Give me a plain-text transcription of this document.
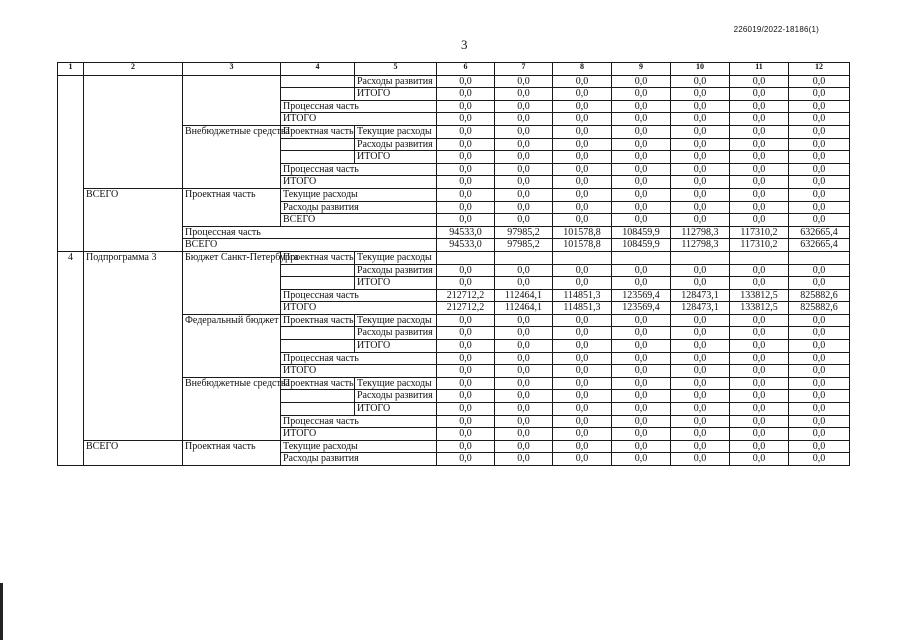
226019/2022-18186(1)
3
1	2	3	4	5	6	7	8	9	10	11	12
				Расходы развития	0,0	0,0	0,0	0,0	0,0	0,0	0,0
				ИТОГО	0,0	0,0	0,0	0,0	0,0	0,0	0,0
			Процессная часть		0,0	0,0	0,0	0,0	0,0	0,0	0,0
			ИТОГО		0,0	0,0	0,0	0,0	0,0	0,0	0,0
		Внебюджетные средства	Проектная часть	Текущие расходы	0,0	0,0	0,0	0,0	0,0	0,0	0,0
				Расходы развития	0,0	0,0	0,0	0,0	0,0	0,0	0,0
				ИТОГО	0,0	0,0	0,0	0,0	0,0	0,0	0,0
			Процессная часть		0,0	0,0	0,0	0,0	0,0	0,0	0,0
			ИТОГО		0,0	0,0	0,0	0,0	0,0	0,0	0,0
	ВСЕГО	Проектная часть	Текущие расходы		0,0	0,0	0,0	0,0	0,0	0,0	0,0
			Расходы развития		0,0	0,0	0,0	0,0	0,0	0,0	0,0
			ВСЕГО		0,0	0,0	0,0	0,0	0,0	0,0	0,0
		Процессная часть			94533,0	97985,2	101578,8	108459,9	112798,3	117310,2	632665,4
		ВСЕГО			94533,0	97985,2	101578,8	108459,9	112798,3	117310,2	632665,4
4	Подпрограмма 3	Бюджет Санкт-Петербурга	Проектная часть	Текущие расходы							
				Расходы развития	0,0	0,0	0,0	0,0	0,0	0,0	0,0
				ИТОГО	0,0	0,0	0,0	0,0	0,0	0,0	0,0
			Процессная часть		212712,2	112464,1	114851,3	123569,4	128473,1	133812,5	825882,6
			ИТОГО		212712,2	112464,1	114851,3	123569,4	128473,1	133812,5	825882,6
		Федеральный бюджет	Проектная часть	Текущие расходы	0,0	0,0	0,0	0,0	0,0	0,0	0,0
				Расходы развития	0,0	0,0	0,0	0,0	0,0	0,0	0,0
				ИТОГО	0,0	0,0	0,0	0,0	0,0	0,0	0,0
			Процессная часть		0,0	0,0	0,0	0,0	0,0	0,0	0,0
			ИТОГО		0,0	0,0	0,0	0,0	0,0	0,0	0,0
		Внебюджетные средства	Проектная часть	Текущие расходы	0,0	0,0	0,0	0,0	0,0	0,0	0,0
				Расходы развития	0,0	0,0	0,0	0,0	0,0	0,0	0,0
				ИТОГО	0,0	0,0	0,0	0,0	0,0	0,0	0,0
			Процессная часть		0,0	0,0	0,0	0,0	0,0	0,0	0,0
			ИТОГО		0,0	0,0	0,0	0,0	0,0	0,0	0,0
	ВСЕГО	Проектная часть	Текущие расходы		0,0	0,0	0,0	0,0	0,0	0,0	0,0
			Расходы развития		0,0	0,0	0,0	0,0	0,0	0,0	0,0
